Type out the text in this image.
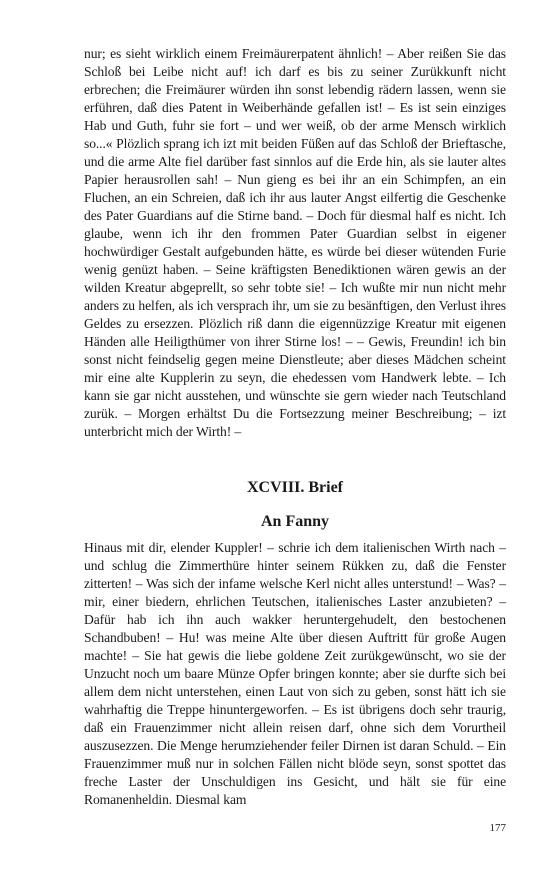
nur; es sieht wirklich einem Freimäurerpatent ähnlich! – Aber reißen Sie das Schloß bei Leibe nicht auf! ich darf es bis zu seiner Zurükkunft nicht erbrechen; die Freimäurer würden ihn sonst lebendig rädern lassen, wenn sie erführen, daß dies Patent in Weiberhände gefallen ist! – Es ist sein einziges Hab und Guth, fuhr sie fort – und wer weiß, ob der arme Mensch wirklich so...« Plözlich sprang ich izt mit beiden Füßen auf das Schloß der Brieftasche, und die arme Alte fiel darüber fast sinnlos auf die Erde hin, als sie lauter altes Papier herausrollen sah! – Nun gieng es bei ihr an ein Schimpfen, an ein Fluchen, an ein Schreien, daß ich ihr aus lauter Angst eilfertig die Geschenke des Pater Guardians auf die Stirne band. – Doch für diesmal half es nicht. Ich glaube, wenn ich ihr den frommen Pater Guardian selbst in eigener hochwürdiger Gestalt aufgebunden hätte, es würde bei dieser wütenden Furie wenig genüzt haben. – Seine kräftigsten Benediktionen wären gewis an der wilden Kreatur abgeprellt, so sehr tobte sie! – Ich wußte mir nun nicht mehr anders zu helfen, als ich versprach ihr, um sie zu besänftigen, den Verlust ihres Geldes zu ersezzen. Plözlich riß dann die eigennüzzige Kreatur mit eigenen Händen alle Heiligthümer von ihrer Stirne los! – – Gewis, Freundin! ich bin sonst nicht feindselig gegen meine Dienstleute; aber dieses Mädchen scheint mir eine alte Kupplerin zu seyn, die ehedessen vom Handwerk lebte. – Ich kann sie gar nicht ausstehen, und wünschte sie gern wieder nach Teutschland zurük. – Morgen erhältst Du die Fortsezzung meiner Beschreibung; – izt unterbricht mich der Wirth! –

XCVIII. Brief
An Fanny

Hinaus mit dir, elender Kuppler! – schrie ich dem italienischen Wirth nach – und schlug die Zimmerthüre hinter seinem Rükken zu, daß die Fenster zitterten! – Was sich der infame welsche Kerl nicht alles unterstund! – Was? – mir, einer biedern, ehrlichen Teutschen, italienisches Laster anzubieten? – Dafür hab ich ihn auch wakker heruntergehudelt, den bestochenen Schandbuben! – Hu! was meine Alte über diesen Auftritt für große Augen machte! – Sie hat gewis die liebe goldene Zeit zurükgewünscht, wo sie der Unzucht noch um baare Münze Opfer bringen konnte; aber sie durfte sich bei allem dem nicht unterstehen, einen Laut von sich zu geben, sonst hätt ich sie wahrhaftig die Treppe hinuntergeworfen. – Es ist übrigens doch sehr traurig, daß ein Frauenzimmer nicht allein reisen darf, ohne sich dem Vorurtheil auszusezzen. Die Menge herumziehender feiler Dirnen ist daran Schuld. – Ein Frauenzimmer muß nur in solchen Fällen nicht blöde seyn, sonst spottet das freche Laster der Unschuldigen ins Gesicht, und hält sie für eine Romanenheldin. Diesmal kam

177
